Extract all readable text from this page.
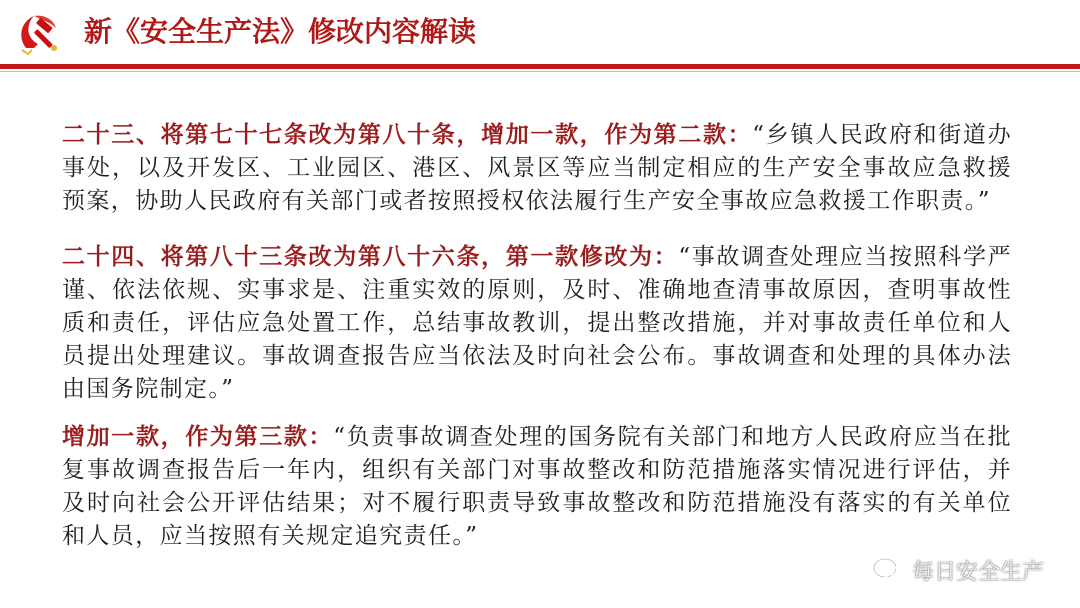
新《安全生产法》修改内容解读

二十三、将第七十七条改为第八十条，增加一款，作为第二款：“乡镇人民政府和街道办事处，以及开发区、工业园区、港区、风景区等应当制定相应的生产安全事故应急救援预案，协助人民政府有关部门或者按照授权依法履行生产安全事故应急救援工作职责。”

二十四、将第八十三条改为第八十六条，第一款修改为：“事故调查处理应当按照科学严谨、依法依规、实事求是、注重实效的原则，及时、准确地查清事故原因，查明事故性质和责任，评估应急处置工作，总结事故教训，提出整改措施，并对事故责任单位和人员提出处理建议。事故调查报告应当依法及时向社会公布。事故调查和处理的具体办法由国务院制定。”

增加一款，作为第三款：“负责事故调查处理的国务院有关部门和地方人民政府应当在批复事故调查报告后一年内，组织有关部门对事故整改和防范措施落实情况进行评估，并及时向社会公开评估结果；对不履行职责导致事故整改和防范措施没有落实的有关单位和人员，应当按照有关规定追究责任。”

每日安全生产
